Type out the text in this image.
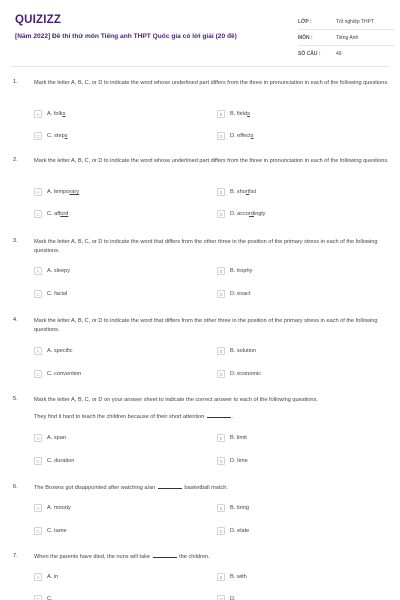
QUIZIZZ
[Năm 2022] Đề thi thử môn Tiếng anh THPT Quốc gia có lời giải (20 đề)
LỚP :	Tốt nghiệp THPT
MÔN :	Tiếng Anh
SỐ CÂU :	49
1.	Mark the letter A, B, C, or D to indicate the word whose underlined part differs from the three in pronunciation in each of the following questions.
A	A. folks	B	B. fields
C	C. steps	D	D. effects
2.	Mark the letter A, B, C, or D to indicate the word whose underlined part differs from the three in pronunciation in each of the following questions.
A	A. temporary	B	B. shortlist
C	C. afford	D	D. accordingly
3.	Mark the letter A, B, C, or D to indicate the word that differs from the other three in the position of the primary stress in each of the following questions.
A	A. sleepy	B	B. trophy
C	C. facial	D	D. exact
4.	Mark the letter A, B, C, or D to indicate the word that differs from the other three in the position of the primary stress in each of the following questions.
A	A. specific	B	B. solution
C	C. convention	D	D. economic
5.	Mark the letter A, B, C, or D on your answer sheet to indicate the correct answer to each of the following questions.
They find it hard to teach the children because of their short attention	.
A	A. span	B	B. limit
C	C. duration	D	D. time
6.	The Browns got disappointed after watching a/an	basketball match.
A	A. moody	B	B. tiring
C	C. tame	D	D. elate
7.	When the parents have died, the nuns will take	the children.
A	A. in	B	B. with
C	C.	D	D.
